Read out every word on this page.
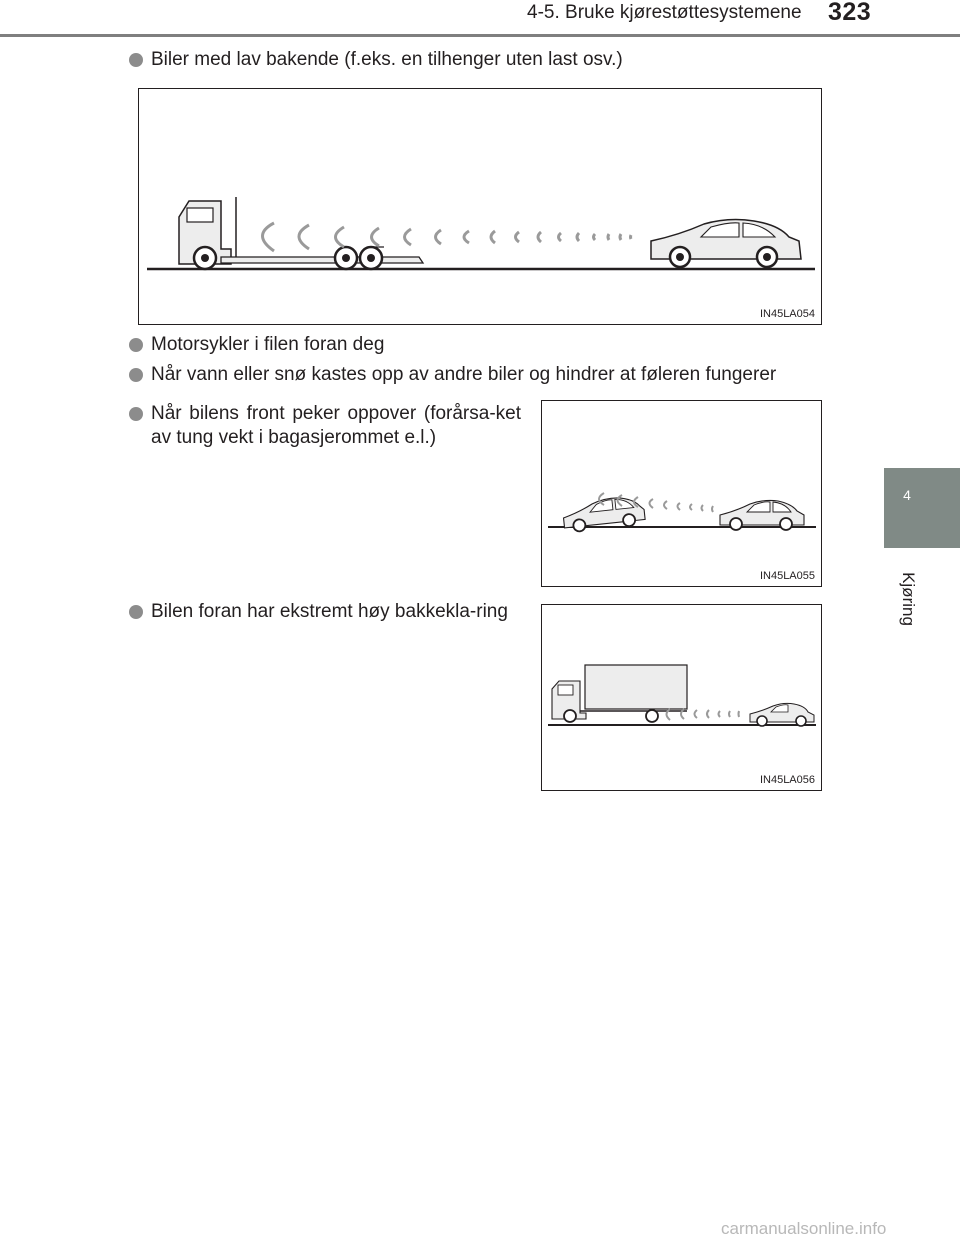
4-5. Bruke kjørestøttesystemene 323
4
Kjøring
Biler med lav bakende (f.eks. en tilhenger uten last osv.)
IN45LA054
Motorsykler i filen foran deg
Når vann eller snø kastes opp av andre biler og hindrer at føleren fungerer
Når bilens front peker oppover (forårsa-ket av tung vekt i bagasjerommet e.l.)
IN45LA055
Bilen foran har ekstremt høy bakkekla-ring
IN45LA056
carmanualsonline.info
